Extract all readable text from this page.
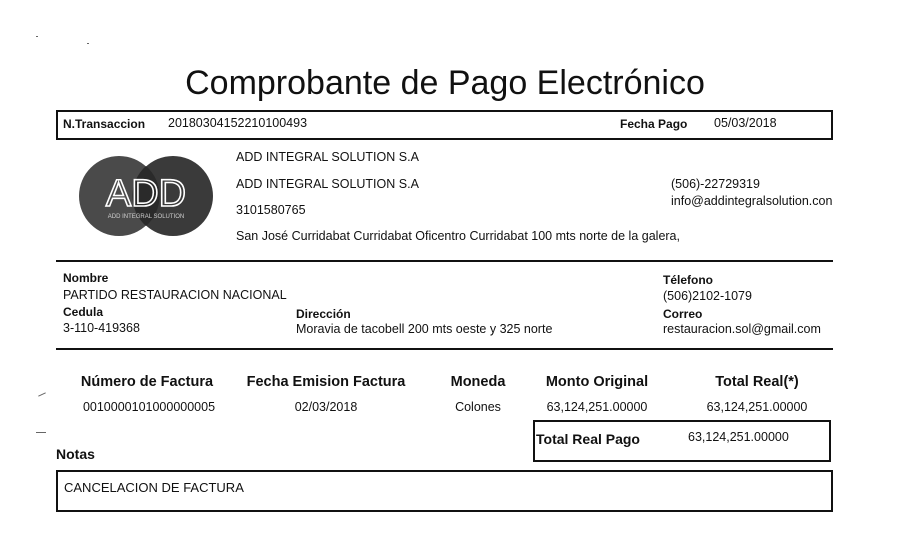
Comprobante de Pago Electrónico
N.Transaccion 20180304152210100493	Fecha Pago 05/03/2018
ADD
ADD INTEGRAL SOLUTION
ADD INTEGRAL SOLUTION S.A
ADD INTEGRAL SOLUTION S.A
3101580765
San José Curridabat Curridabat Oficentro Curridabat 100 mts norte de la galera,
(506)-22729319
info@addintegralsolution.con
Nombre
PARTIDO RESTAURACION NACIONAL
Télefono
(506)2102-1079
Cedula
3-110-419368
Dirección
Moravia de tacobell 200 mts oeste y 325 norte
Correo
restauracion.sol@gmail.com
Número de Factura	Fecha Emision Factura	Moneda	Monto Original	Total Real(*)
0010000101000000005	02/03/2018	Colones	63,124,251.00000	63,124,251.00000
Total Real Pago	63,124,251.00000
Notas
CANCELACION DE FACTURA
